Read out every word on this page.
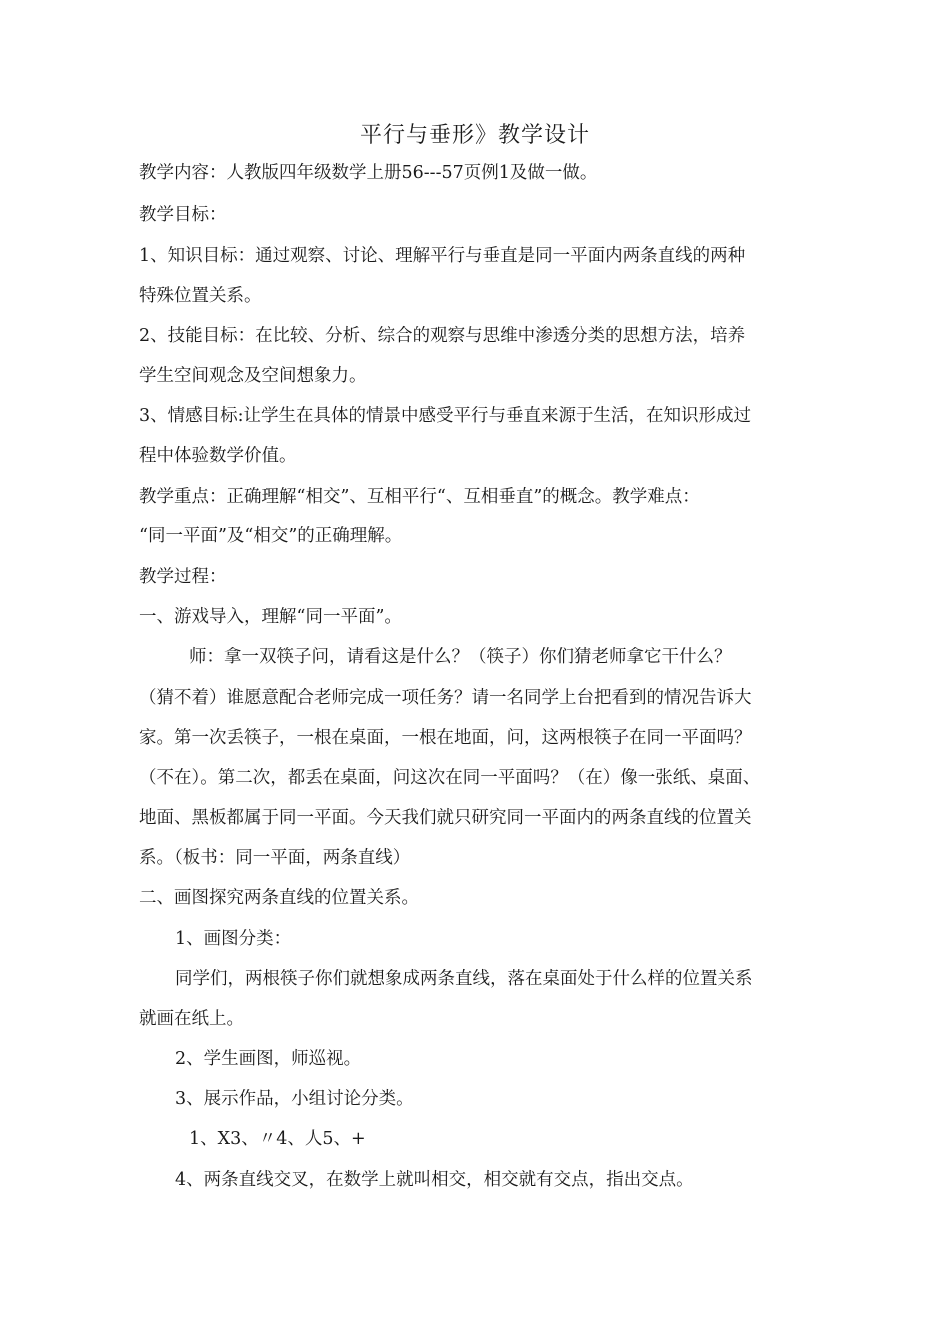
平行与垂形》教学设计
教学内容：人教版四年级数学上册56---57页例1及做一做。
教学目标：
1、知识目标：通过观察、讨论、理解平行与垂直是同一平面内两条直线的两种
特殊位置关系。
2、技能目标：在比较、分析、综合的观察与思维中渗透分类的思想方法，培养
学生空间观念及空间想象力。
3、情感目标:让学生在具体的情景中感受平行与垂直来源于生活，在知识形成过
程中体验数学价值。
教学重点：正确理解“相交”、互相平行“、互相垂直”的概念。教学难点：
“同一平面”及“相交”的正确理解。
教学过程：
一、游戏导入，理解“同一平面”。
师：拿一双筷子问，请看这是什么？（筷子）你们猜老师拿它干什么？
（猜不着）谁愿意配合老师完成一项任务？请一名同学上台把看到的情况告诉大
家。第一次丢筷子，一根在桌面，一根在地面，问，这两根筷子在同一平面吗？
（不在）。第二次，都丢在桌面，问这次在同一平面吗？（在）像一张纸、桌面、
地面、黑板都属于同一平面。今天我们就只研究同一平面内的两条直线的位置关
系。（板书：同一平面，两条直线）
二、画图探究两条直线的位置关系。
1、画图分类：
同学们，两根筷子你们就想象成两条直线，落在桌面处于什么样的位置关系
就画在纸上。
2、学生画图，师巡视。
3、展示作品，小组讨论分类。
1、X3、〃4、人5、+
4、两条直线交叉，在数学上就叫相交，相交就有交点，指出交点。
